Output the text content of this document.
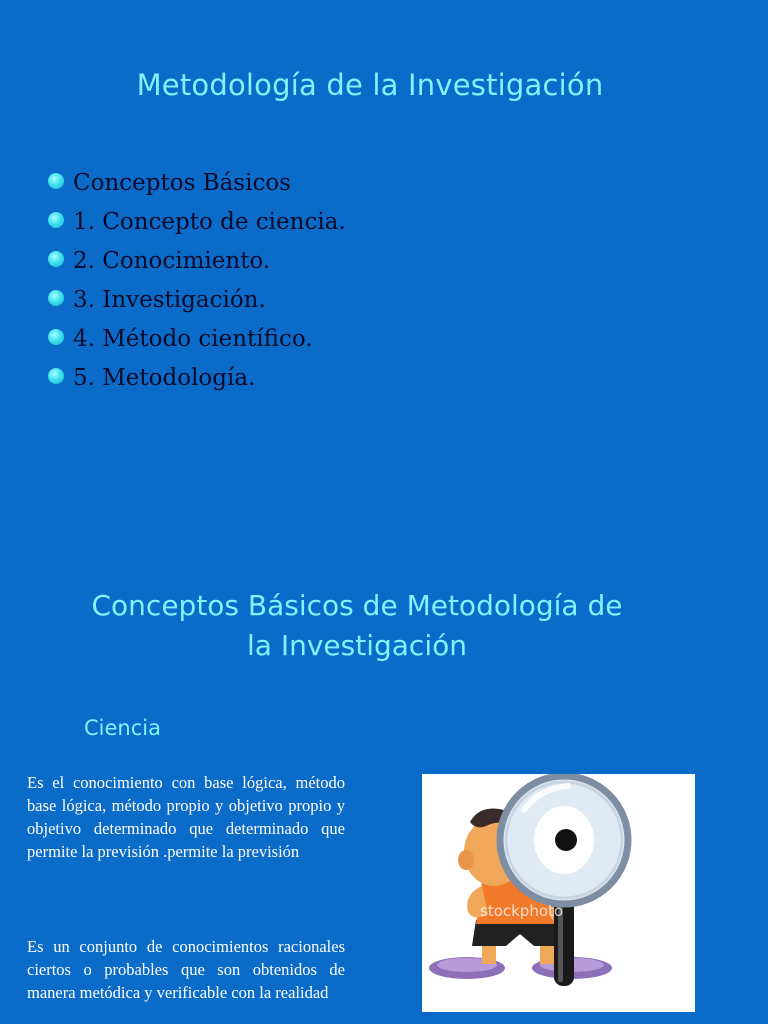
Metodología de la Investigación
Conceptos Básicos
1. Concepto de ciencia.
2. Conocimiento.
3. Investigación.
4. Método científico.
5. Metodología.
Conceptos Básicos de Metodología de
la Investigación
Ciencia

Es el conocimiento con base lógica, método base lógica, método propio y objetivo propio y objetivo determinado que determinado que permite la previsión .permite la previsión

Es un conjunto de conocimientos racionales ciertos o probables que son obtenidos de manera metódica y verificable con la realidad

stockphoto
